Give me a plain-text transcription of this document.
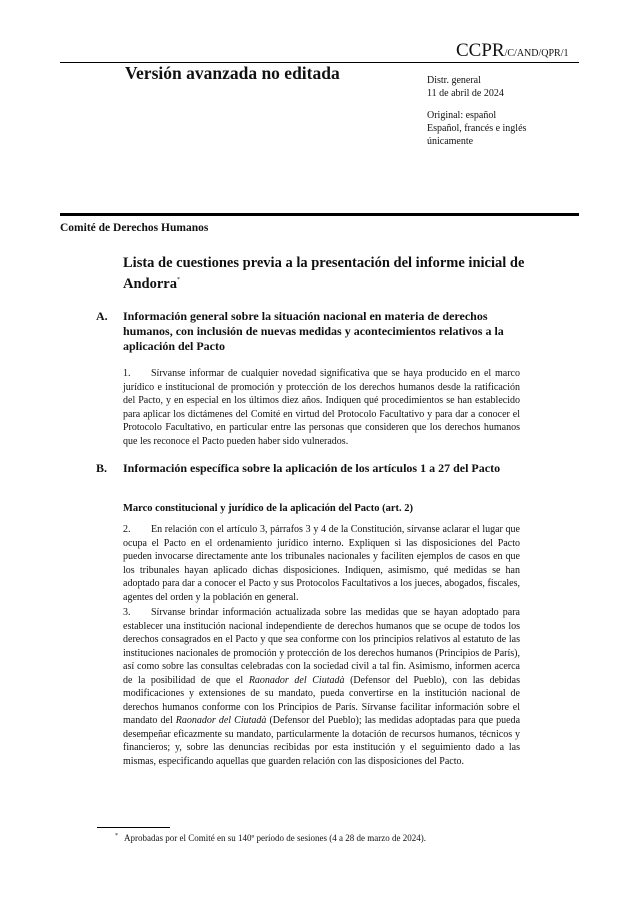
CCPR/C/AND/QPR/1
Versión avanzada no editada	Distr. general
11 de abril de 2024
Original: español
Español, francés e inglés
únicamente
Comité de Derechos Humanos
Lista de cuestiones previa a la presentación del informe inicial de Andorra*
A. Información general sobre la situación nacional en materia de derechos humanos, con inclusión de nuevas medidas y acontecimientos relativos a la aplicación del Pacto
1. Sírvanse informar de cualquier novedad significativa que se haya producido en el marco jurídico e institucional de promoción y protección de los derechos humanos desde la ratificación del Pacto, y en especial en los últimos diez años. Indiquen qué procedimientos se han establecido para aplicar los dictámenes del Comité en virtud del Protocolo Facultativo y para dar a conocer el Protocolo Facultativo, en particular entre las personas que consideren que los derechos humanos que les reconoce el Pacto pueden haber sido vulnerados.
B. Información específica sobre la aplicación de los artículos 1 a 27 del Pacto
Marco constitucional y jurídico de la aplicación del Pacto (art. 2)
2. En relación con el artículo 3, párrafos 3 y 4 de la Constitución, sírvanse aclarar el lugar que ocupa el Pacto en el ordenamiento jurídico interno. Expliquen si las disposiciones del Pacto pueden invocarse directamente ante los tribunales nacionales y faciliten ejemplos de casos en que los tribunales hayan aplicado dichas disposiciones. Indiquen, asimismo, qué medidas se han adoptado para dar a conocer el Pacto y sus Protocolos Facultativos a los jueces, abogados, fiscales, agentes del orden y la población en general.
3. Sírvanse brindar información actualizada sobre las medidas que se hayan adoptado para establecer una institución nacional independiente de derechos humanos que se ocupe de todos los derechos consagrados en el Pacto y que sea conforme con los principios relativos al estatuto de las instituciones nacionales de promoción y protección de los derechos humanos (Principios de París), así como sobre las consultas celebradas con la sociedad civil a tal fin. Asimismo, informen acerca de la posibilidad de que el Raonador del Ciutadà (Defensor del Pueblo), con las debidas modificaciones y extensiones de su mandato, pueda convertirse en la institución nacional de derechos humanos conforme con los Principios de París. Sírvanse facilitar información sobre el mandato del Raonador del Ciutadà (Defensor del Pueblo); las medidas adoptadas para que pueda desempeñar eficazmente su mandato, particularmente la dotación de recursos humanos, técnicos y financieros; y, sobre las denuncias recibidas por esta institución y el seguimiento dado a las mismas, especificando aquellas que guarden relación con las disposiciones del Pacto.
* Aprobadas por el Comité en su 140º período de sesiones (4 a 28 de marzo de 2024).
